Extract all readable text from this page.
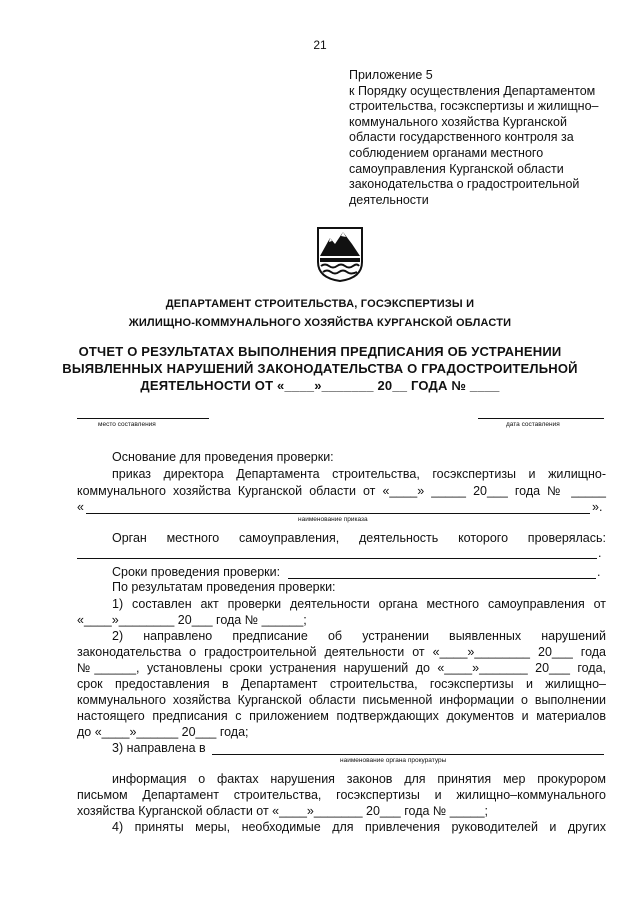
21
Приложение 5
к Порядку осуществления Департаментом
строительства, госэкспертизы и жилищно–
коммунального хозяйства Курганской
области государственного контроля за
соблюдением органами местного
самоуправления Курганской области
законодательства о градостроительной
деятельности
ДЕПАРТАМЕНТ СТРОИТЕЛЬСТВА, ГОСЭКСПЕРТИЗЫ И
ЖИЛИЩНО-КОММУНАЛЬНОГО ХОЗЯЙСТВА КУРГАНСКОЙ ОБЛАСТИ
ОТЧЕТ О РЕЗУЛЬТАТАХ ВЫПОЛНЕНИЯ ПРЕДПИСАНИЯ ОБ УСТРАНЕНИИ
ВЫЯВЛЕННЫХ НАРУШЕНИЙ ЗАКОНОДАТЕЛЬСТВА О ГРАДОСТРОИТЕЛЬНОЙ
ДЕЯТЕЛЬНОСТИ ОТ «____»_______ 20__ ГОДА № ____
место составления	дата составления
Основание для проведения проверки:
приказ директора Департамента строительства, госэкспертизы и жилищно-
коммунального хозяйства Курганской области от «____» _____ 20___ года № _____
«	».
наименование приказа
Орган местного самоуправления, деятельность которого проверялась:
.
Сроки проведения проверки:	.
По результатам проведения проверки:
1) составлен акт проверки деятельности органа местного самоуправления от
«____»________ 20___ года № ______;
2) направлено предписание об устранении выявленных нарушений
законодательства о градостроительной деятельности от «____»________ 20___ года
№______, установлены сроки устранения нарушений до «____»_______ 20___ года,
срок предоставления в Департамент строительства, госэкспертизы и жилищно–
коммунального хозяйства Курганской области письменной информации о выполнении
настоящего предписания с приложением подтверждающих документов и материалов
до «____»______ 20___ года;
3) направлена в
наименование органа прокуратуры
информация о фактах нарушения законов для принятия мер прокурором
письмом Департамент строительства, госэкспертизы и жилищно–коммунального
хозяйства Курганской области от «____»_______ 20___ года № _____;
4) приняты меры, необходимые для привлечения руководителей и других
